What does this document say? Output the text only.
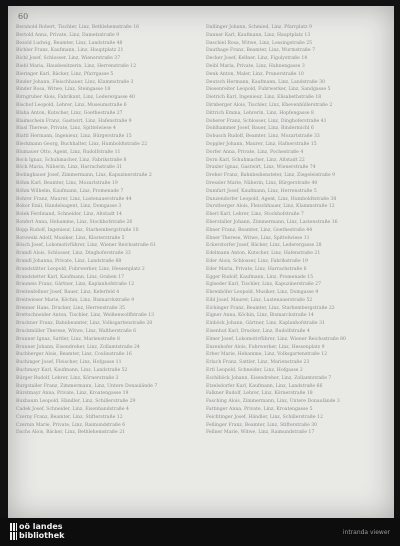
60
Bernhold Robert, Tischler, Linz, Bethlehemstraße 16
Bertold Anna, Private, Linz, Dametzstraße 9
Bezold Ludwig, Beamter, Linz, Landstraße 48
Bichler Franz, Kaufmann, Linz, Hauptplatz 21
Bichl Josef, Schlosser, Linz, Wienerstraße 37
Biebl Maria, Hausbesitzerin, Linz, Herrenstraße 12
Bieringer Karl, Bäcker, Linz, Pfarrgasse 5
Binder Johann, Fleischhauer, Linz, Klammstraße 3
Binder Rosa, Witwe, Linz, Steingasse 18
Birngruber Alois, Fabrikant, Linz, Lederergasse 40
Bischof Leopold, Lehrer, Linz, Museumstraße 6
Blaha Anton, Kutscher, Linz, Goethestraße 27
Blaimschein Franz, Gastwirt, Linz, Hafenstraße 9
Blasl Therese, Private, Linz, Spittelwiese 4
Blattl Hermann, Ingenieur, Linz, Bürgerstraße 15
Bleckmann Georg, Buchhalter, Linz, Humboldtstraße 22
Blumauer Otto, Agent, Linz, Rudolfstraße 11
Bock Ignaz, Schuhmacher, Linz, Fabrikstraße 8
Böck Maria, Näherin, Linz, Harrachstraße 31
Bodingbauer Josef, Zimmermann, Linz, Kapuzinerstraße 2
Böhm Karl, Beamter, Linz, Mozartstraße 19
Böhm Wilhelm, Kaufmann, Linz, Promenade 7
Bohrer Franz, Maurer, Linz, Lustenauerstraße 44
Bokor Emil, Handelsagent, Linz, Domgasse 3
Bolek Ferdinand, Schneider, Linz, Altstadt 14
Bonfert Anna, Hebamme, Linz, Stockhofstraße 26
Bopp Rudolf, Ingenieur, Linz, Starhembergstraße 10
Borowski Adolf, Musiker, Linz, Klosterstraße 5
Bösch Josef, Lokomotivführer, Linz, Wiener Reichsstraße 61
Brandl Alois, Schlosser, Linz, Dinghoferstraße 33
Brandl Johanna, Private, Linz, Landstraße 88
Brandstätter Leopold, Fuhrwerker, Linz, Hessenplatz 2
Brandstetter Karl, Kaufmann, Linz, Graben 17
Brauneis Franz, Gärtner, Linz, Kaplanhofstraße 12
Breitenfellner Josef, Bauer, Linz, Keferfeld 4
Breitwieser Marie, Köchin, Linz, Bismarckstraße 9
Brenner Hans, Drucker, Linz, Herrenstraße 35
Brettschneider Anton, Tischler, Linz, Weißenwolffstraße 13
Bruckner Franz, Bahnbeamter, Linz, Volksgartenstraße 20
Bruckmüller Therese, Witwe, Linz, Waltherstraße 6
Brunner Ignaz, Sattler, Linz, Marienstraße 8
Brunner Johann, Eisendreher, Linz, Zollamtstraße 24
Buchberger Alois, Beamter, Linz, Coulinstraße 16
Buchinger Josef, Fleischer, Linz, Hofgasse 11
Buchmayr Karl, Kaufmann, Linz, Landstraße 52
Bürger Rudolf, Lehrer, Linz, Körnerstraße 3
Burgstaller Franz, Zimmermann, Linz, Untere Donaulände 7
Bürstmayr Anna, Private, Linz, Kroatengasse 19
Buxbaum Leopold, Händler, Linz, Schillerstraße 29
Cadek Josef, Schneider, Linz, Eisenhandstraße 4
Czerny Franz, Beamter, Linz, Stifterstraße 12
Czernin Marie, Private, Linz, Raimundstraße 6
Dachs Alois, Bäcker, Linz, Bethlehemstraße 21
Dallinger Johann, Schmied, Linz, Pfarrplatz 9
Danner Karl, Kaufmann, Linz, Hauptplatz 13
Daschiel Rosa, Witwe, Linz, Lessingstraße 25
Dauthage Franz, Beamter, Linz, Wurmstraße 7
Decker Josef, Kellner, Linz, Figulystraße 14
Deibl Maria, Private, Linz, Hahnengasse 3
Denk Anton, Maler, Linz, Prunerstraße 10
Deutsch Hermann, Kaufmann, Linz, Landstraße 30
Diesenreiter Leopold, Fuhrwerker, Linz, Sandgasse 5
Dietrich Karl, Ingenieur, Linz, Elisabethstraße 18
Dirnberger Alois, Tischler, Linz, Khevenhüllerstraße 2
Dittrich Emma, Lehrerin, Linz, Hopfengasse 8
Doberer Franz, Schlosser, Linz, Dinghoferstraße 41
Doblhammer Josef, Bauer, Linz, Bindermichl 6
Dobusch Rudolf, Beamter, Linz, Mozartstraße 33
Doppler Johann, Maurer, Linz, Hafnerstraße 15
Dorfer Anna, Private, Linz, Pochestraße 4
Dorn Karl, Schuhmacher, Linz, Altstadt 22
Draxler Ignaz, Gastwirt, Linz, Wienerstraße 74
Dreher Franz, Bahnbediensteter, Linz, Ziegeleistraße 9
Dressler Marie, Näherin, Linz, Bürgerstraße 40
Dumfart Josef, Kaufmann, Linz, Herrenstraße 5
Dunzendorfer Leopold, Agent, Linz, Humboldtstraße 38
Durstberger Alois, Fleischhauer, Linz, Klammstraße 12
Eberl Karl, Lehrer, Linz, Stockhofstraße 7
Eberstaller Johann, Zimmermann, Linz, Lastenstraße 16
Ebner Franz, Beamter, Linz, Goethestraße 44
Ebner Therese, Witwe, Linz, Spittelwiese 11
Eckerstorfer Josef, Bäcker, Linz, Lederergasse 28
Edelmann Anton, Kutscher, Linz, Hafenstraße 21
Eder Alois, Schlosser, Linz, Fabrikstraße 19
Eder Maria, Private, Linz, Harrachstraße 6
Egger Rudolf, Kaufmann, Linz, Promenade 15
Eglseder Karl, Tischler, Linz, Kapuzinerstraße 27
Ehrenhöfer Leopold, Musiker, Linz, Domgasse 9
Eibl Josef, Maurer, Linz, Lustenauerstraße 52
Eichinger Franz, Beamter, Linz, Starhembergstraße 22
Eigner Anna, Köchin, Linz, Bismarckstraße 14
Einböck Johann, Gärtner, Linz, Kaplanhofstraße 31
Eisenhut Karl, Drucker, Linz, Rudolfstraße 4
Elmer Josef, Lokomotivführer, Linz, Wiener Reichsstraße 80
Enzenhofer Alois, Fuhrwerker, Linz, Hessenplatz 9
Erber Marie, Hebamme, Linz, Volksgartenstraße 12
Erlach Franz, Sattler, Linz, Marienstraße 23
Ertl Leopold, Schneider, Linz, Hofgasse 2
Eschlböck Johann, Eisendreher, Linz, Zollamtstraße 7
Etzelsdorfer Karl, Kaufmann, Linz, Landstraße 66
Falkner Rudolf, Lehrer, Linz, Körnerstraße 18
Fasching Alois, Zimmermann, Linz, Untere Donaulände 3
Fattinger Anna, Private, Linz, Kroatengasse 5
Feichtinger Josef, Händler, Linz, Schillerstraße 12
Fellinger Franz, Beamter, Linz, Stifterstraße 30
Fellner Marie, Witwe, Linz, Raimundstraße 17
oö landes
bibliothek	intranda viewer
